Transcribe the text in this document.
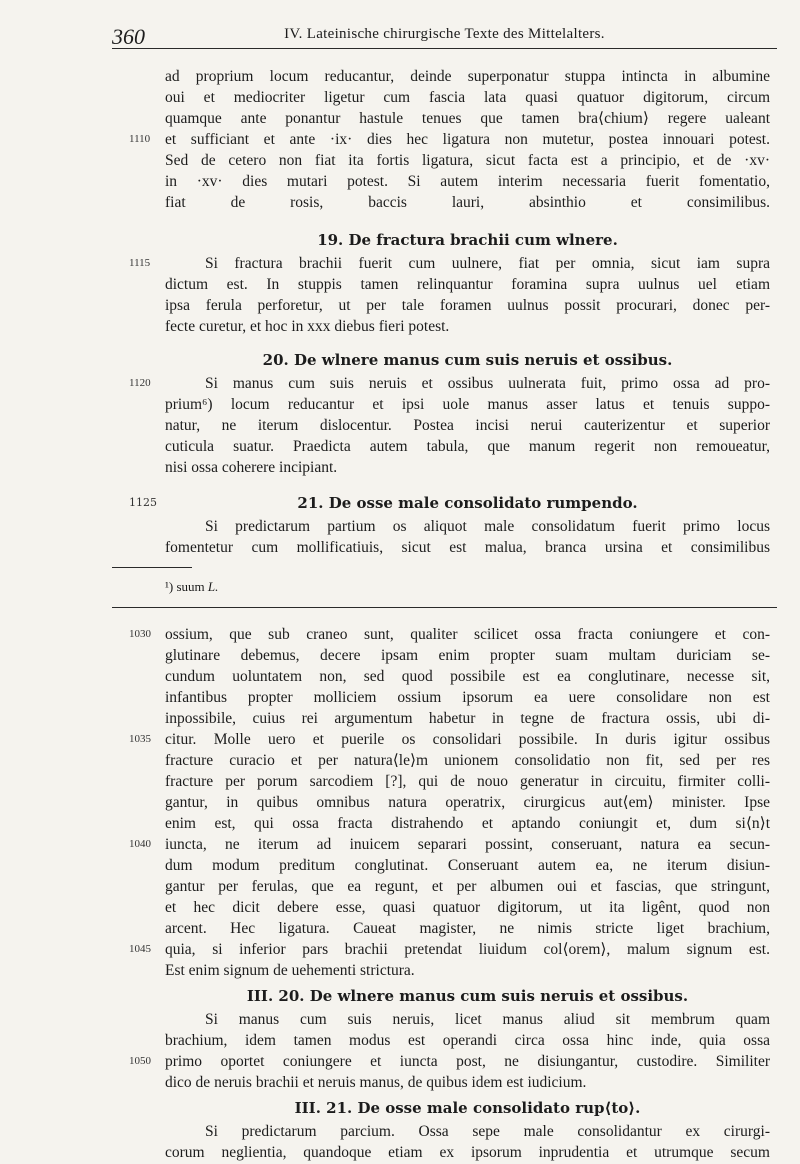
360	IV. Lateinische chirurgische Texte des Mittelalters.
ad proprium locum reducantur, deinde superponatur stuppa intincta in albumine
oui et mediocriter ligetur cum fascia lata quasi quatuor digitorum, circum
quamque ante ponantur hastule tenues que tamen bra⟨chium⟩ regere ualeant
1110 et sufficiant et ante ·ix· dies hec ligatura non mutetur, postea innouari potest.
Sed de cetero non fiat ita fortis ligatura, sicut facta est a principio, et de ·xv·
in ·xv· dies mutari potest. Si autem interim necessaria fuerit fomentatio,
fiat de rosis, baccis lauri, absinthio et consimilibus.
19. De fractura brachii cum wlnere.
1115	Si fractura brachii fuerit cum uulnere, fiat per omnia, sicut iam supra
dictum est. In stuppis tamen relinquantur foramina supra uulnus uel etiam
ipsa ferula perforetur, ut per tale foramen uulnus possit procurari, donec per-
fecte curetur, et hoc in xxx diebus fieri potest.
20. De wlnere manus cum suis neruis et ossibus.
1120	Si manus cum suis neruis et ossibus uulnerata fuit, primo ossa ad pro-
prium⁶) locum reducantur et ipsi uole manus asser latus et tenuis suppo-
natur, ne iterum dislocentur. Postea incisi nerui cauterizentur et superior
cuticula suatur. Praedicta autem tabula, que manum regerit non remoueatur,
nisi ossa coherere incipiant.
1125	21. De osse male consolidato rumpendo.
Si predictarum partium os aliquot male consolidatum fuerit primo locus
fomentetur cum mollificatiuis, sicut est malua, branca ursina et consimilibus
¹) suum L.
1030 ossium, que sub craneo sunt, qualiter scilicet ossa fracta coniungere et con-
glutinare debemus, decere ipsam enim propter suam multam duriciam se-
cundum uoluntatem non, sed quod possibile est ea conglutinare, necesse sit,
infantibus propter molliciem ossium ipsorum ea uere consolidare non est
inpossibile, cuius rei argumentum habetur in tegne de fractura ossis, ubi di-
1035 citur. Molle uero et puerile os consolidari possibile. In duris igitur ossibus
fracture curacio et per natura⟨le⟩m unionem consolidatio non fit, sed per res
fracture per porum sarcodiem [?], qui de nouo generatur in circuitu, firmiter colli-
gantur, in quibus omnibus natura operatrix, cirurgicus aut⟨em⟩ minister. Ipse
enim est, qui ossa fracta distrahendo et aptando coniungit et, dum si⟨n⟩t
1040 iuncta, ne iterum ad inuicem separari possint, conseruant, natura ea secun-
dum modum preditum conglutinat. Conseruant autem ea, ne iterum disiun-
gantur per ferulas, que ea regunt, et per albumen oui et fascias, que stringunt,
et hec dicit debere esse, quasi quatuor digitorum, ut ita ligênt, quod non
arcent. Hec ligatura. Caueat magister, ne nimis stricte liget brachium,
1045 quia, si inferior pars brachii pretendat liuidum col⟨orem⟩, malum signum est.
Est enim signum de uehementi strictura.
III. 20. De wlnere manus cum suis neruis et ossibus.
Si manus cum suis neruis, licet manus aliud sit membrum quam
brachium, idem tamen modus est operandi circa ossa hinc inde, quia ossa
1050 primo oportet coniungere et iuncta post, ne disiungantur, custodire. Similiter
dico de neruis brachii et neruis manus, de quibus idem est iudicium.
III. 21. De osse male consolidato rup⟨to⟩.
Si predictarum parcium. Ossa sepe male consolidantur ex cirurgi-
corum neglientia, quandoque etiam ex ipsorum inprudentia et utrumque secum
